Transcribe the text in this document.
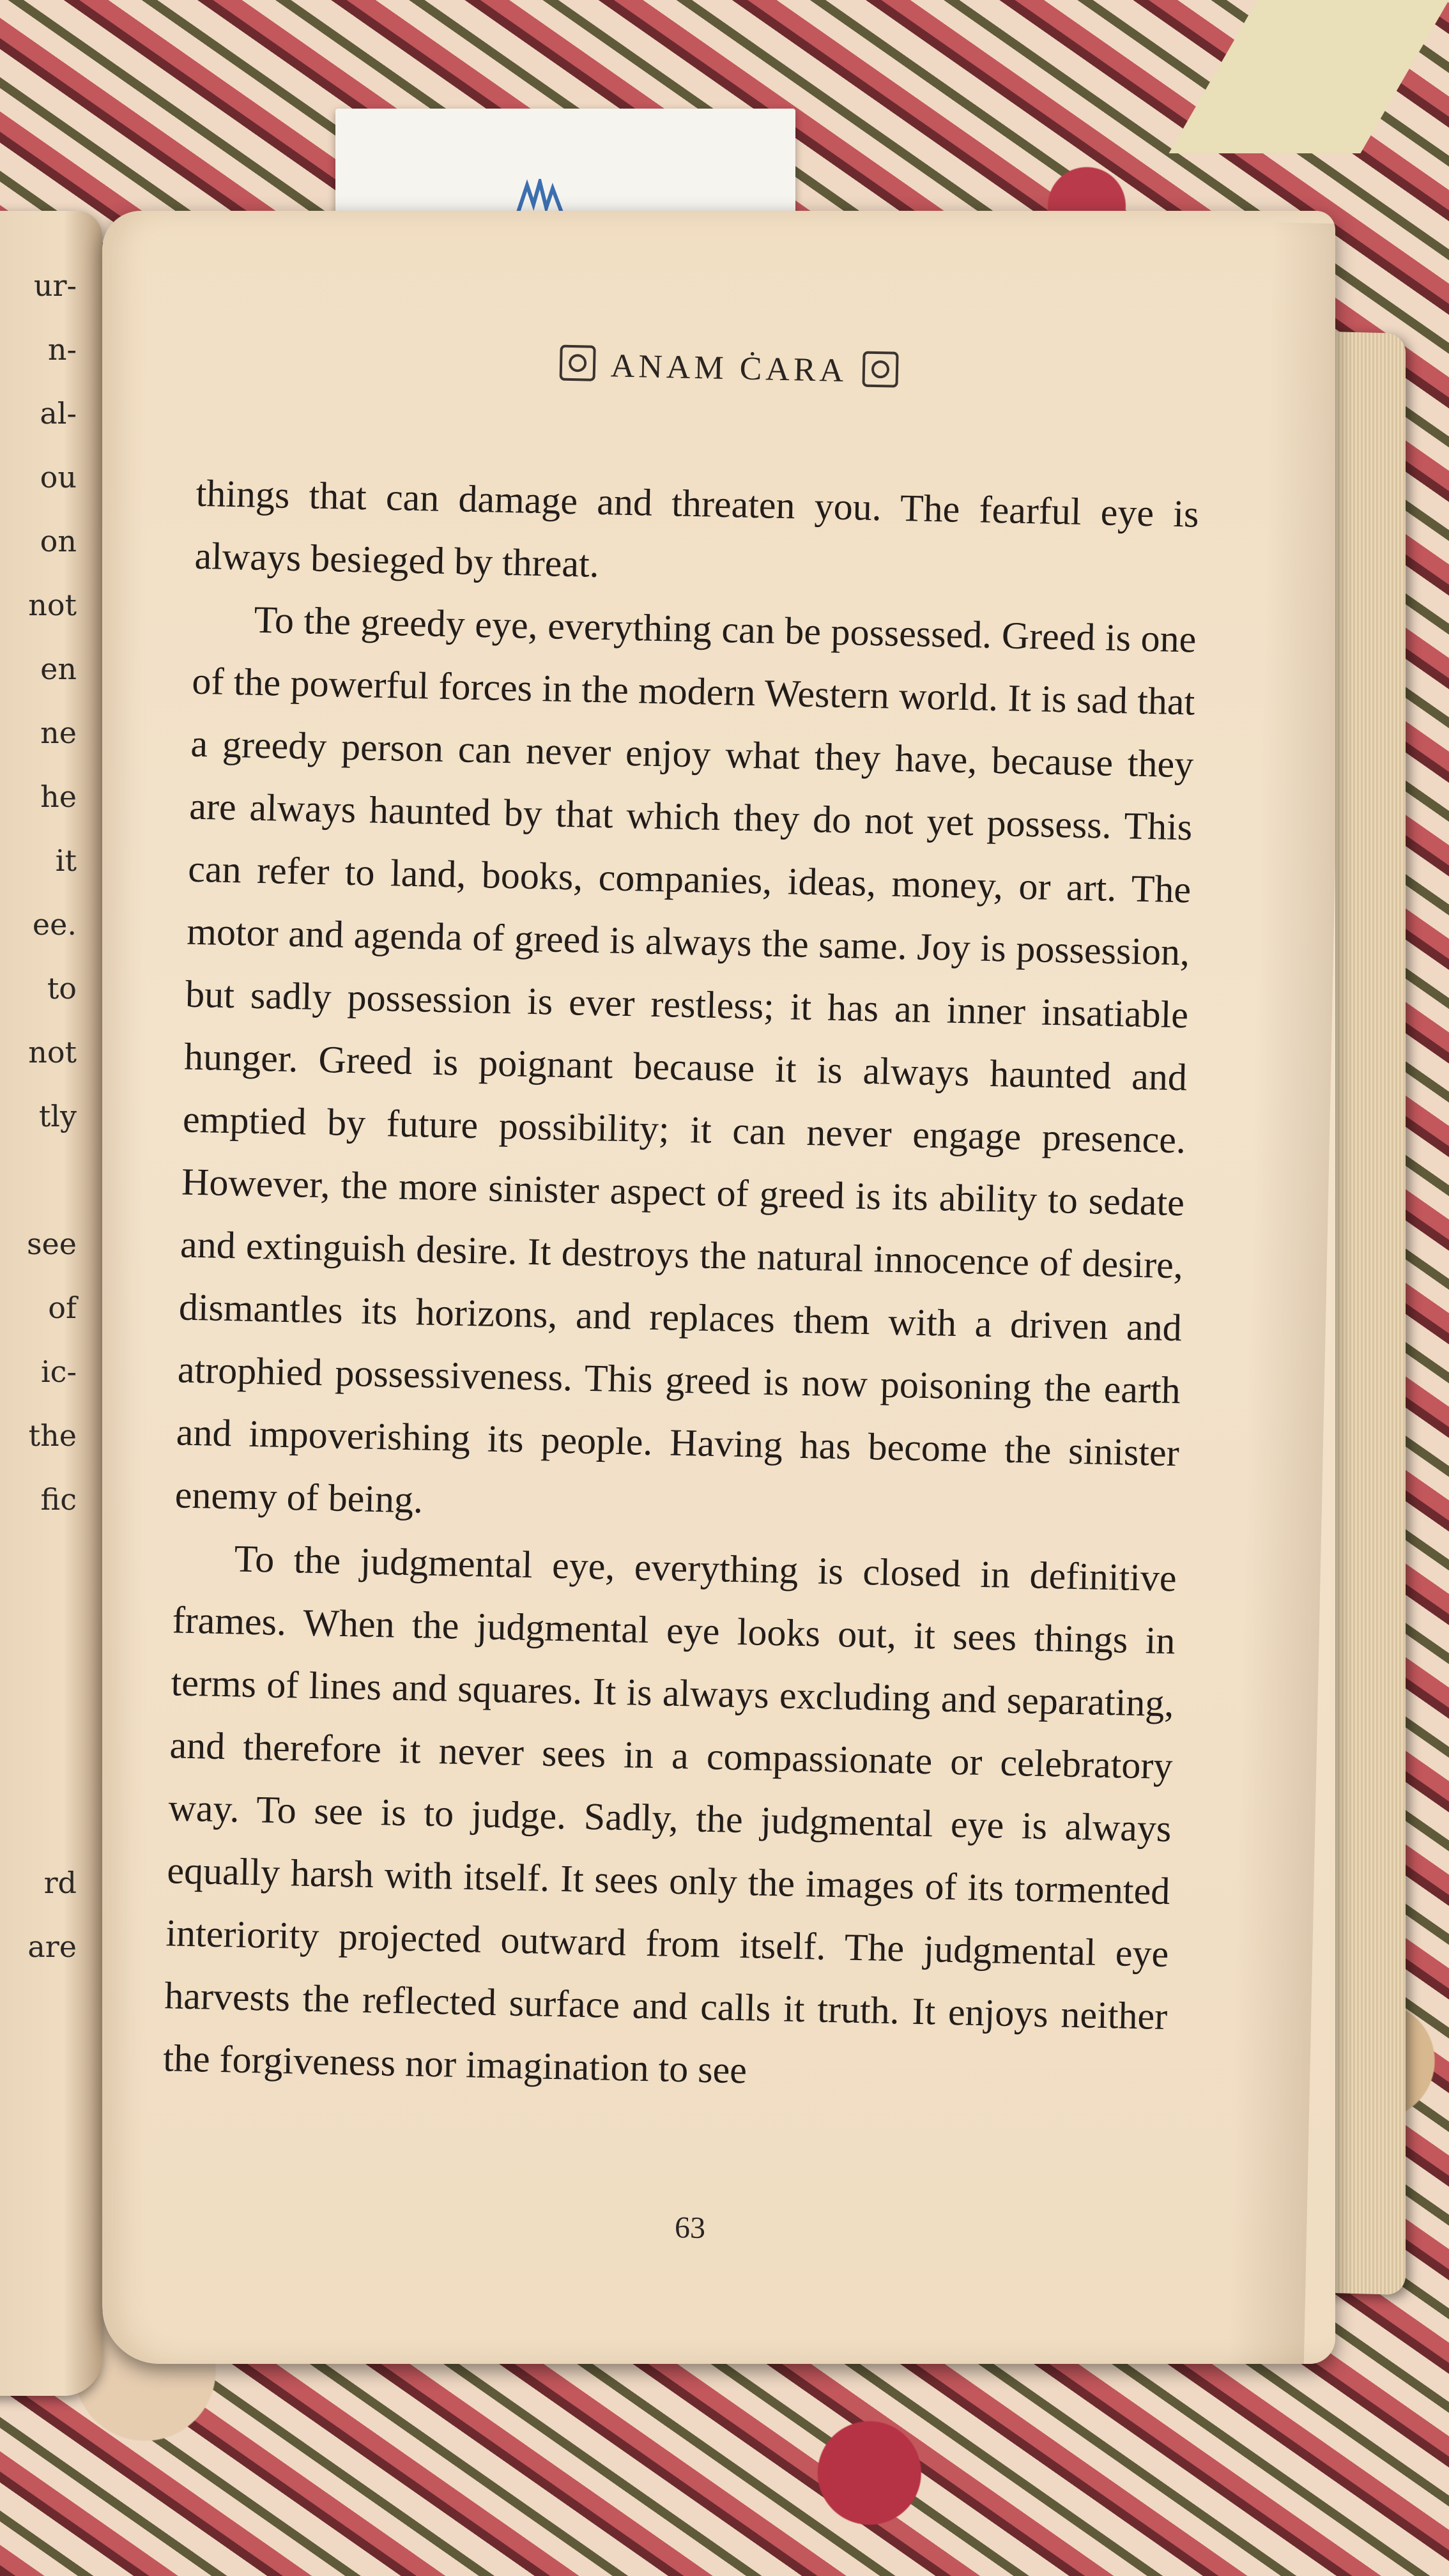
ur-
n-
al-
ou
on
not
en
ne
he
it
ee.
to
not
tly
see
of
ic-
the
fic
rd
are
ANAM ĊARA

things that can damage and threaten you. The fearful eye is always besieged by threat.

To the greedy eye, everything can be possessed. Greed is one of the powerful forces in the modern Western world. It is sad that a greedy person can never enjoy what they have, because they are always haunted by that which they do not yet possess. This can refer to land, books, companies, ideas, money, or art. The motor and agenda of greed is always the same. Joy is possession, but sadly possession is ever restless; it has an inner insatiable hunger. Greed is poignant because it is always haunted and emptied by future possibility; it can never engage presence. However, the more sinister aspect of greed is its ability to sedate and extinguish desire. It destroys the natural innocence of desire, dismantles its horizons, and replaces them with a driven and atrophied possessiveness. This greed is now poisoning the earth and impoverishing its people. Having has become the sinister enemy of being.

To the judgmental eye, everything is closed in definitive frames. When the judgmental eye looks out, it sees things in terms of lines and squares. It is always excluding and separating, and therefore it never sees in a compassionate or celebratory way. To see is to judge. Sadly, the judgmental eye is always equally harsh with itself. It sees only the images of its tormented interiority projected outward from itself. The judgmental eye harvests the reflected surface and calls it truth. It enjoys neither the forgiveness nor imagination to see

63
